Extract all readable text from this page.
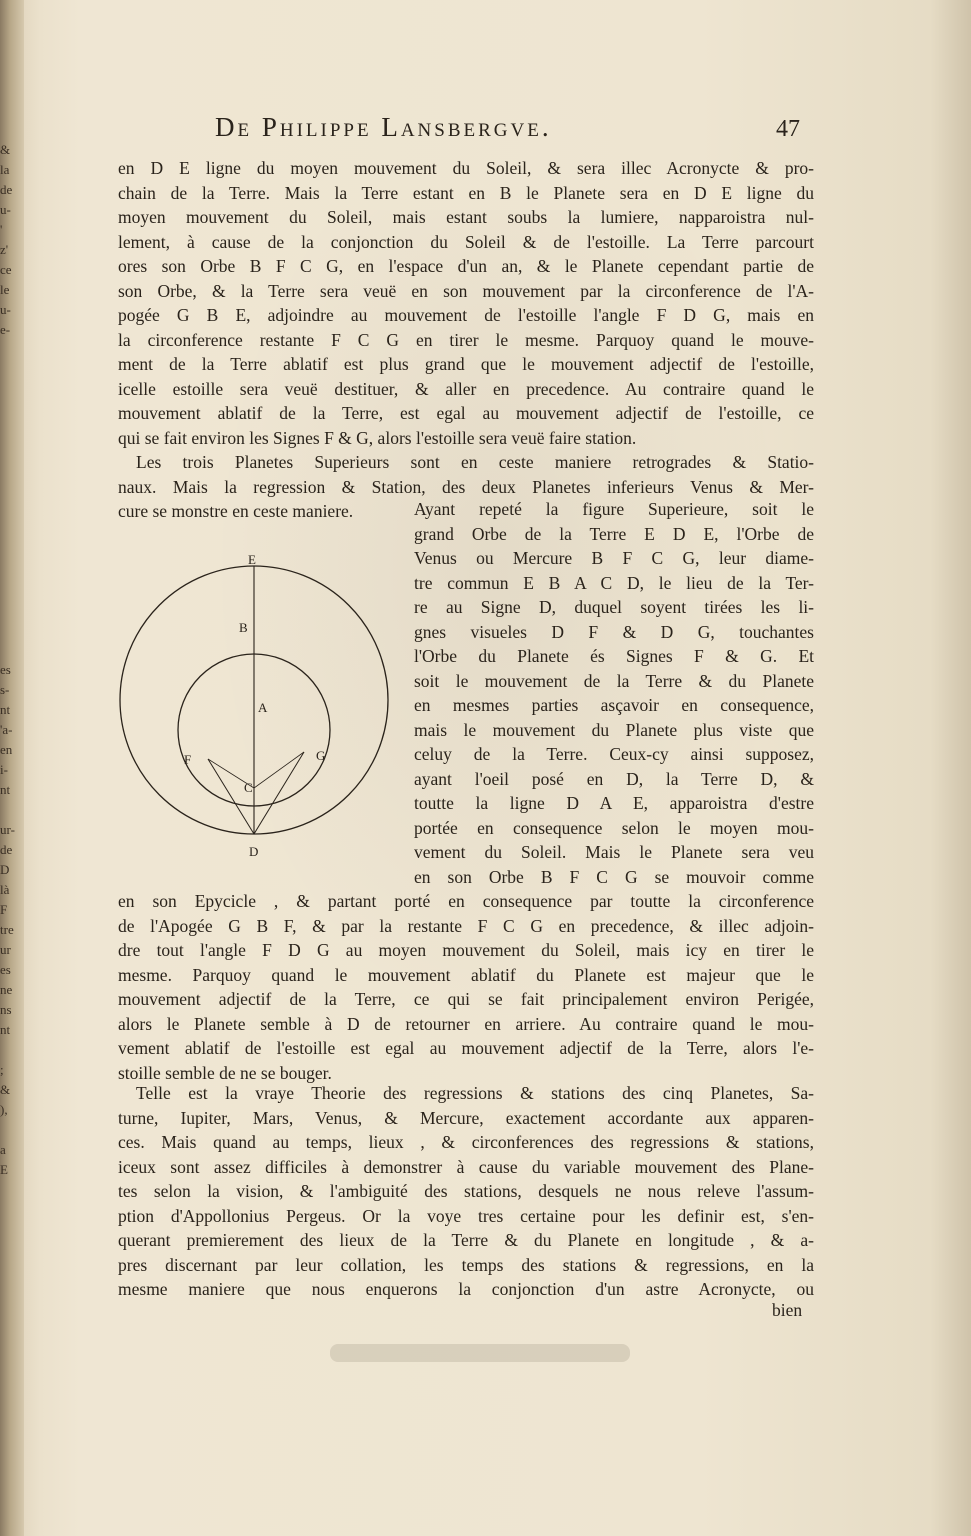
&
la
de
u-
'
z'
ce
le
u-
e-
es
s-
nt
'a-
en
i-
nt
ur-
de
D
là
F
tre
ur
es
ne
ns
nt
;
&
),
a
E
De Philippe Lansbergve.	47
en D E ligne du moyen mouvement du Soleil, & sera illec Acronycte & pro-
chain de la Terre. Mais la Terre estant en B le Planete sera en D E ligne du
moyen mouvement du Soleil, mais estant soubs la lumiere, napparoistra nul-
lement, à cause de la conjonction du Soleil & de l'estoille. La Terre parcourt
ores son Orbe B F C G, en l'espace d'un an, & le Planete cependant partie de
son Orbe, & la Terre sera veuë en son mouvement par la circonference de l'A-
pogée G B E, adjoindre au mouvement de l'estoille l'angle F D G, mais en
la circonference restante F C G en tirer le mesme. Parquoy quand le mouve-
ment de la Terre ablatif est plus grand que le mouvement adjectif de l'estoille,
icelle estoille sera veuë destituer, & aller en precedence. Au contraire quand le
mouvement ablatif de la Terre, est egal au mouvement adjectif de l'estoille, ce
qui se fait environ les Signes F & G, alors l'estoille sera veuë faire station.
Les trois Planetes Superieurs sont en ceste maniere retrogrades & Statio-
naux. Mais la regression & Station, des deux Planetes inferieurs Venus & Mer-
cure se monstre en ceste maniere.	Ayant repeté la figure Superieure, soit le
grand Orbe de la Terre E D E, l'Orbe de
Venus ou Mercure B F C G, leur diame-
tre commun E B A C D, le lieu de la Ter-
re au Signe D, duquel soyent tirées les li-
gnes visueles D F & D G, touchantes
l'Orbe du Planete és Signes F & G. Et
soit le mouvement de la Terre & du Planete
en mesmes parties asçavoir en consequence,
mais le mouvement du Planete plus viste que
celuy de la Terre. Ceux-cy ainsi supposez,
ayant l'oeil posé en D, la Terre D, &
toutte la ligne D A E, apparoistra d'estre
portée en consequence selon le moyen mou-
vement du Soleil. Mais le Planete sera veu
en son Orbe B F C G se mouvoir comme
E
B
A
F	G
C
D
en son Epycicle , & partant porté en consequence par toutte la circonference
de l'Apogée G B F, & par la restante F C G en precedence, & illec adjoin-
dre tout l'angle F D G au moyen mouvement du Soleil, mais icy en tirer le
mesme. Parquoy quand le mouvement ablatif du Planete est majeur que le
mouvement adjectif de la Terre, ce qui se fait principalement environ Perigée,
alors le Planete semble à D de retourner en arriere. Au contraire quand le mou-
vement ablatif de l'estoille est egal au mouvement adjectif de la Terre, alors l'e-
stoille semble de ne se bouger.
Telle est la vraye Theorie des regressions & stations des cinq Planetes, Sa-
turne, Iupiter, Mars, Venus, & Mercure, exactement accordante aux apparen-
ces. Mais quand au temps, lieux , & circonferences des regressions & stations,
iceux sont assez difficiles à demonstrer à cause du variable mouvement des Plane-
tes selon la vision, & l'ambiguité des stations, desquels ne nous releve l'assum-
ption d'Appollonius Pergeus. Or la voye tres certaine pour les definir est, s'en-
querant premierement des lieux de la Terre & du Planete en longitude , & a-
pres discernant par leur collation, les temps des stations & regressions, en la
mesme maniere que nous enquerons la conjonction d'un astre Acronycte, ou
bien
